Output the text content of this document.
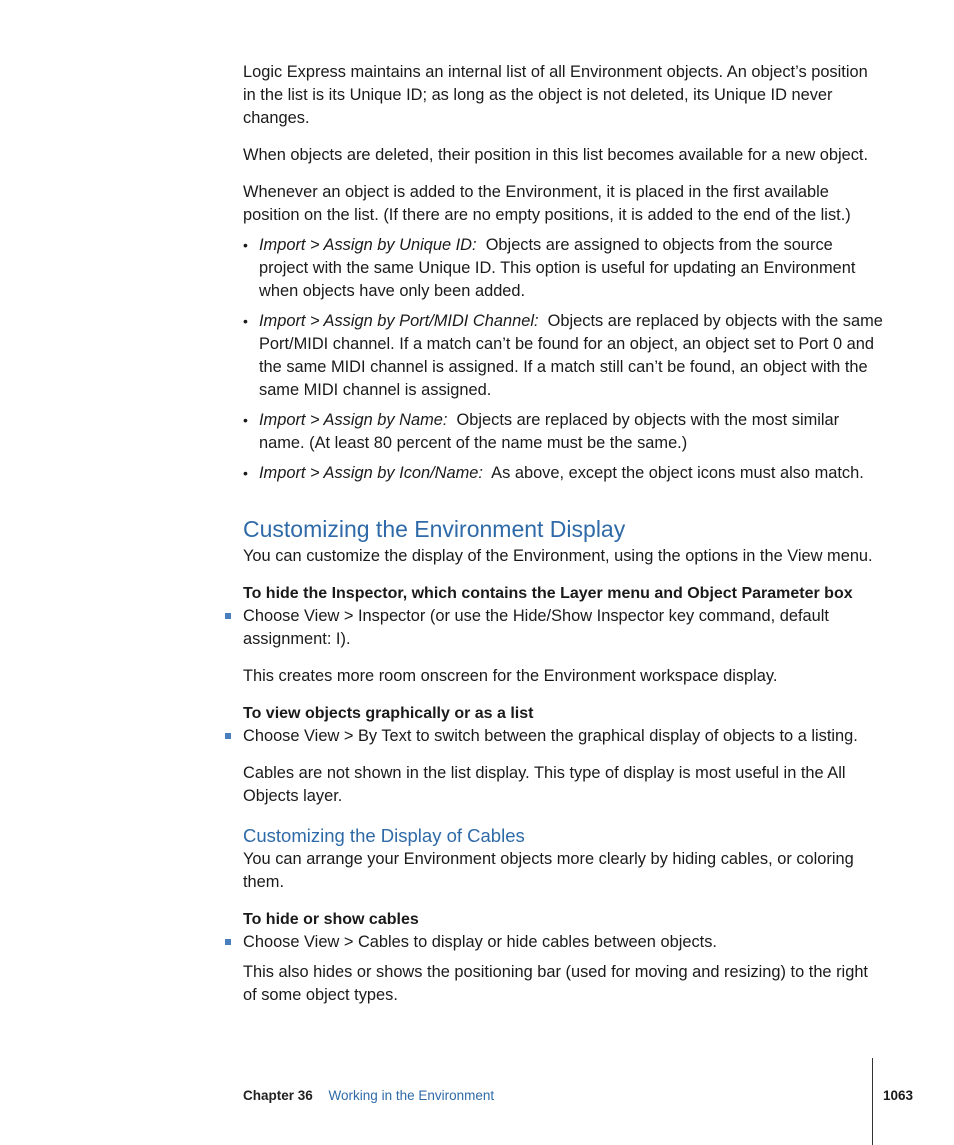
Logic Express maintains an internal list of all Environment objects. An object’s position in the list is its Unique ID; as long as the object is not deleted, its Unique ID never changes.

When objects are deleted, their position in this list becomes available for a new object.

Whenever an object is added to the Environment, it is placed in the first available position on the list. (If there are no empty positions, it is added to the end of the list.)

• Import > Assign by Unique ID: Objects are assigned to objects from the source project with the same Unique ID. This option is useful for updating an Environment when objects have only been added.
• Import > Assign by Port/MIDI Channel: Objects are replaced by objects with the same Port/MIDI channel. If a match can’t be found for an object, an object set to Port 0 and the same MIDI channel is assigned. If a match still can’t be found, an object with the same MIDI channel is assigned.
• Import > Assign by Name: Objects are replaced by objects with the most similar name. (At least 80 percent of the name must be the same.)
• Import > Assign by Icon/Name: As above, except the object icons must also match.
Customizing the Environment Display

You can customize the display of the Environment, using the options in the View menu.

To hide the Inspector, which contains the Layer menu and Object Parameter box

Choose View > Inspector (or use the Hide/Show Inspector key command, default assignment: I).

This creates more room onscreen for the Environment workspace display.

To view objects graphically or as a list

Choose View > By Text to switch between the graphical display of objects to a listing.

Cables are not shown in the list display. This type of display is most useful in the All Objects layer.

Customizing the Display of Cables

You can arrange your Environment objects more clearly by hiding cables, or coloring them.

To hide or show cables

Choose View > Cables to display or hide cables between objects.

This also hides or shows the positioning bar (used for moving and resizing) to the right of some object types.

Chapter 36 Working in the Environment	1063
